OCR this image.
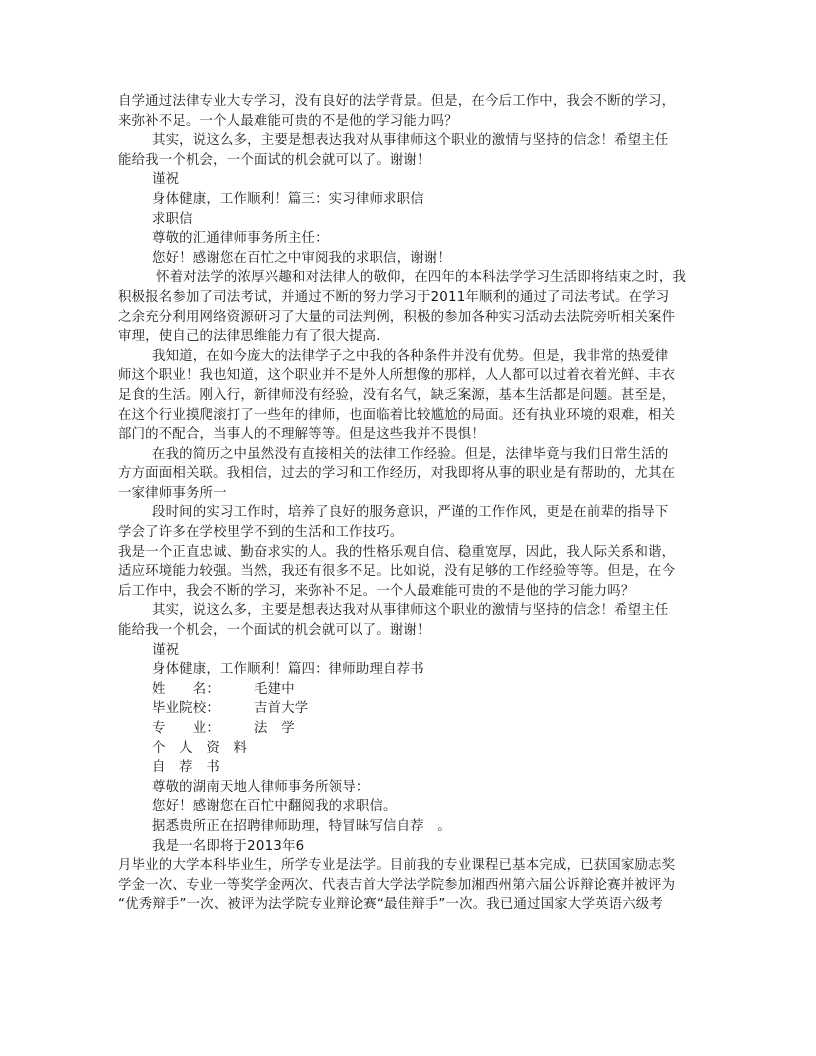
自学通过法律专业大专学习，没有良好的法学背景。但是，在今后工作中，我会不断的学习，
来弥补不足。一个人最难能可贵的不是他的学习能力吗？
其实，说这么多，主要是想表达我对从事律师这个职业的激情与坚持的信念！希望主任
能给我一个机会，一个面试的机会就可以了。谢谢！
谨祝
身体健康，工作顺利！篇三：实习律师求职信
求职信
尊敬的汇通律师事务所主任：
您好！感谢您在百忙之中审阅我的求职信，谢谢！
怀着对法学的浓厚兴趣和对法律人的敬仰，在四年的本科法学学习生活即将结束之时，我
积极报名参加了司法考试，并通过不断的努力学习于2011年顺利的通过了司法考试。在学习
之余充分利用网络资源研习了大量的司法判例，积极的参加各种实习活动去法院旁听相关案件
审理，使自己的法律思维能力有了很大提高．
我知道，在如今庞大的法律学子之中我的各种条件并没有优势。但是，我非常的热爱律
师这个职业！我也知道，这个职业并不是外人所想像的那样，人人都可以过着衣着光鲜、丰衣
足食的生活。刚入行，新律师没有经验，没有名气，缺乏案源，基本生活都是问题。甚至是，
在这个行业摸爬滚打了一些年的律师，也面临着比较尴尬的局面。还有执业环境的艰难，相关
部门的不配合，当事人的不理解等等。但是这些我并不畏惧！
在我的简历之中虽然没有直接相关的法律工作经验。但是，法律毕竟与我们日常生活的
方方面面相关联。我相信，过去的学习和工作经历，对我即将从事的职业是有帮助的，尤其在
一家律师事务所一
段时间的实习工作时，培养了良好的服务意识，严谨的工作作风，更是在前辈的指导下
学会了许多在学校里学不到的生活和工作技巧。
我是一个正直忠诚、勤奋求实的人。我的性格乐观自信、稳重宽厚，因此，我人际关系和谐，
适应环境能力较强。当然，我还有很多不足。比如说，没有足够的工作经验等等。但是，在今
后工作中，我会不断的学习，来弥补不足。一个人最难能可贵的不是他的学习能力吗？
其实，说这么多，主要是想表达我对从事律师这个职业的激情与坚持的信念！希望主任
能给我一个机会，一个面试的机会就可以了。谢谢！
谨祝
身体健康，工作顺利！篇四：律师助理自荐书
姓　　名：　　　毛建中
毕业院校：　　　吉首大学
专　　业：　　　法　学
个　人　资　料
自　荐　书
尊敬的湖南天地人律师事务所领导：
您好！感谢您在百忙中翻阅我的求职信。
据悉贵所正在招聘律师助理，特冒昧写信自荐　。
我是一名即将于2013年6
月毕业的大学本科毕业生，所学专业是法学。目前我的专业课程已基本完成，已获国家励志奖
学金一次、专业一等奖学金两次、代表吉首大学法学院参加湘西州第六届公诉辩论赛并被评为
“优秀辩手”一次、被评为法学院专业辩论赛“最佳辩手”一次。我已通过国家大学英语六级考
